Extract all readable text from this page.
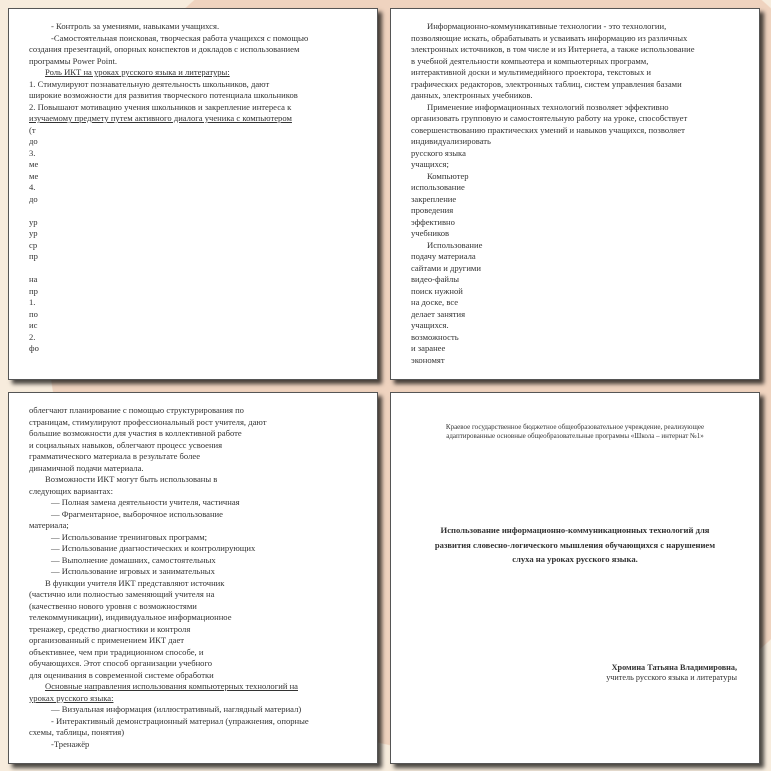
- Контроль за умениями, навыками учащихся.
-Самостоятельная поисковая, творческая работа учащихся с помощью
создания презентаций, опорных конспектов и докладов с использованием
программы Power Point.
Роль ИКТ на уроках русского языка и литературы:
1. Стимулируют познавательную деятельность школьников, дают
широкие возможности для развития творческого потенциала школьников
2. Повышают мотивацию учения школьников и закрепление интереса к
изучаемому предмету путем активного диалога ученика с компьютером
(т
до
3.
ме
ме
4.
до
ур
ур
ср
пр
на
пр
1.
по
ис
2.
фо
Информационно-коммуникативные технологии - это технологии,
позволяющие искать, обрабатывать и усваивать информацию из различных
электронных источников, в том числе и из Интернета, а также использование
в учебной деятельности компьютера и компьютерных программ,
интерактивной доски и мультимедийного проектора, текстовых и
графических редакторов, электронных таблиц, систем управления базами
данных, электронных учебников.
Применение информационных технологий позволяет эффективно
организовать групповую и самостоятельную работу на уроке, способствует
совершенствованию практических умений и навыков учащихся, позволяет
индивидуализировать
русского языка
учащихся;
Компьютер
использование
закрепление
проведения
эффективно
учебников
Использование
подачу материала
сайтами и другими
видео-файлы
поиск нужной
на доске, все
делает занятия
учащихся.
возможность
и заранее
экономят
облегчают планирование с помощью структурирования по
страницам, стимулируют профессиональный рост учителя, дают
большие возможности для участия в коллективной работе
и социальных навыков, облегчают процесс усвоения
грамматического материала в результате более
динамичной подачи материала.
Возможности ИКТ могут быть использованы в
следующих вариантах:
— Полная замена деятельности учителя, частичная
— Фрагментарное, выборочное использование
материала;
— Использование тренинговых программ;
— Использование диагностических и контролирующих
— Выполнение домашних, самостоятельных
— Использование игровых и занимательных
В функции учителя ИКТ представляют источник
(частично или полностью заменяющий учителя на
(качественно нового уровня с возможностями
телекоммуникации), индивидуальное информационное
тренажер, средство диагностики и контроля
организованный с применением ИКТ дает
объективнее, чем при традиционном способе, и
обучающихся. Этот способ организации учебного
для оценивания в современной системе обработки
Основные направления использования компьютерных технологий на
уроках русского языка:
— Визуальная информация (иллюстративный, наглядный материал)
- Интерактивный демонстрационный материал (упражнения, опорные
схемы, таблицы, понятия)
-Тренажёр
Краевое государственное бюджетное общеобразовательное учреждение, реализующее
адаптированные основные общеобразовательные программы «Школа – интернат №1»
Использование информационно-коммуникационных технологий для
развития словесно-логического мышления обучающихся с нарушением
слуха на уроках русского языка.
Хромина Татьяна Владимировна,
учитель русского языка и литературы
